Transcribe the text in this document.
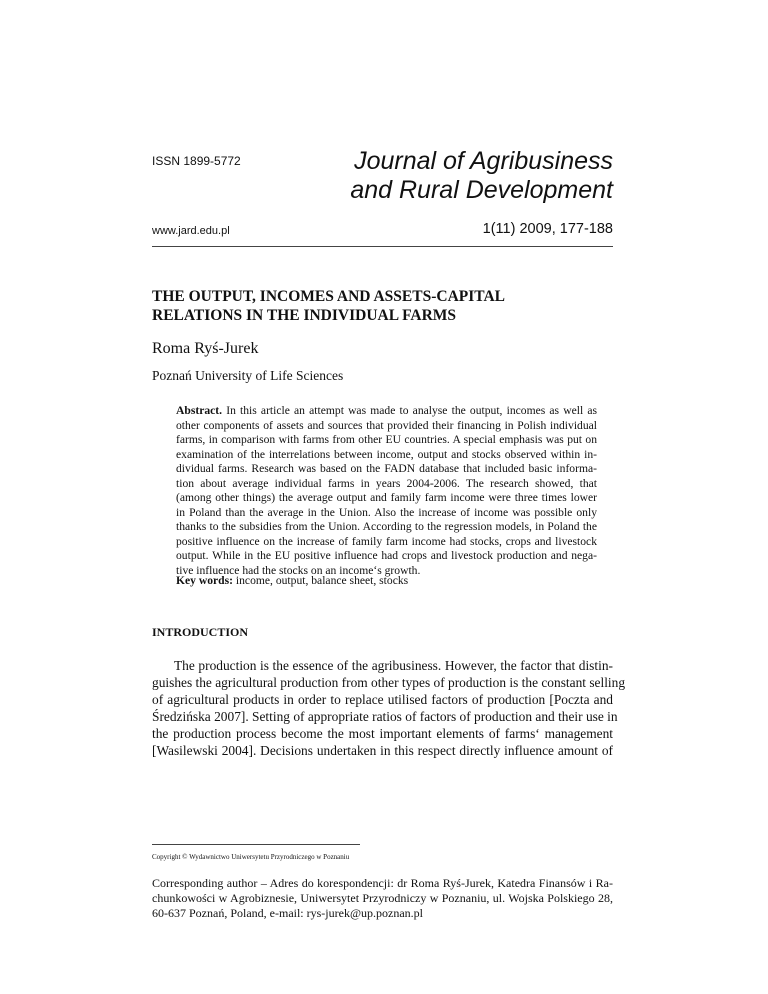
ISSN 1899-5772	Journal of Agribusiness
and Rural Development
www.jard.edu.pl	1(11) 2009, 177-188
THE OUTPUT, INCOMES AND ASSETS-CAPITAL
RELATIONS IN THE INDIVIDUAL FARMS
Roma Ryś-Jurek
Poznań University of Life Sciences
Abstract. In this article an attempt was made to analyse the output, incomes as well as
other components of assets and sources that provided their financing in Polish individual
farms, in comparison with farms from other EU countries. A special emphasis was put on
examination of the interrelations between income, output and stocks observed within in-
dividual farms. Research was based on the FADN database that included basic informa-
tion about average individual farms in years 2004-2006. The research showed, that
(among other things) the average output and family farm income were three times lower
in Poland than the average in the Union. Also the increase of income was possible only
thanks to the subsidies from the Union. According to the regression models, in Poland the
positive influence on the increase of family farm income had stocks, crops and livestock
output. While in the EU positive influence had crops and livestock production and nega-
tive influence had the stocks on an income‘s growth.
Key words: income, output, balance sheet, stocks
INTRODUCTION
The production is the essence of the agribusiness. However, the factor that distin-
guishes the agricultural production from other types of production is the constant selling
of agricultural products in order to replace utilised factors of production [Poczta and
Średzińska 2007]. Setting of appropriate ratios of factors of production and their use in
the production process become the most important elements of farms‘ management
[Wasilewski 2004]. Decisions undertaken in this respect directly influence amount of
Copyright © Wydawnictwo Uniwersytetu Przyrodniczego w Poznaniu
Corresponding author – Adres do korespondencji: dr Roma Ryś-Jurek, Katedra Finansów i Ra-
chunkowości w Agrobiznesie, Uniwersytet Przyrodniczy w Poznaniu, ul. Wojska Polskiego 28,
60-637 Poznań, Poland, e-mail: rys-jurek@up.poznan.pl
